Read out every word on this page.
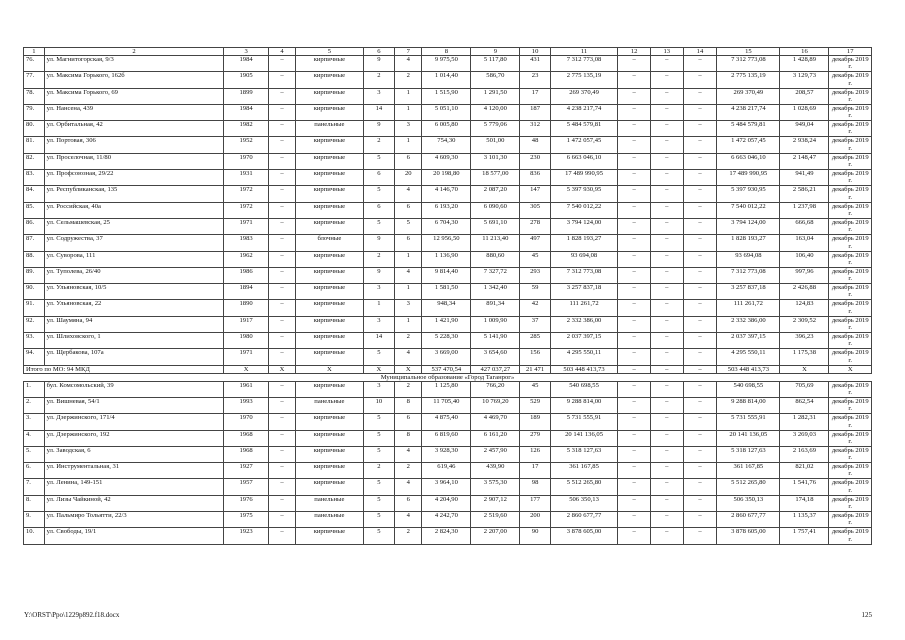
1	2	3	4	5	6	7	8	9	10	11	12	13	14	15	16	17
76.	ул. Магнитогорская, 9/3	1984	–	кирпичные	9	4	9 975,50	5 117,80	431	7 312 773,08	–	–	–	7 312 773,08	1 428,89	декабрь 2019 г.
77.	ул. Максима Горького, 162б	1905	–	кирпичные	2	2	1 014,40	586,70	23	2 775 135,19	–	–	–	2 775 135,19	3 129,73	декабрь 2019 г.
78.	ул. Максима Горького, 69	1899	–	кирпичные	3	1	1 515,90	1 291,50	17	269 370,49	–	–	–	269 370,49	208,57	декабрь 2019 г.
79.	ул. Нансена, 439	1984	–	кирпичные	14	1	5 051,10	4 120,00	187	4 238 217,74	–	–	–	4 238 217,74	1 028,69	декабрь 2019 г.
80.	ул. Орбитальная, 42	1982	–	панельные	9	3	6 005,80	5 779,06	312	5 484 579,81	–	–	–	5 484 579,81	949,04	декабрь 2019 г.
81.	ул. Портовая, 306	1952	–	кирпичные	2	1	754,30	501,00	48	1 472 057,45	–	–	–	1 472 057,45	2 938,24	декабрь 2019 г.
82.	ул. Проселочная, 11/80	1970	–	кирпичные	5	6	4 609,30	3 101,30	230	6 663 046,10	–	–	–	6 663 046,10	2 148,47	декабрь 2019 г.
83.	ул. Профсоюзная, 29/22	1931	–	кирпичные	6	20	20 198,80	18 577,00	836	17 489 990,95	–	–	–	17 489 990,95	941,49	декабрь 2019 г.
84.	ул. Республиканская, 135	1972	–	кирпичные	5	4	4 146,70	2 087,20	147	5 397 930,95	–	–	–	5 397 930,95	2 586,21	декабрь 2019 г.
85.	ул. Российская, 40а	1972	–	кирпичные	6	6	6 193,20	6 090,60	305	7 540 012,22	–	–	–	7 540 012,22	1 237,98	декабрь 2019 г.
86.	ул. Сельмашевская, 25	1971	–	кирпичные	5	5	6 704,30	5 691,10	278	3 794 124,00	–	–	–	3 794 124,00	666,68	декабрь 2019 г.
87.	ул. Содружества, 37	1983	–	блочные	9	6	12 956,50	11 213,40	497	1 828 193,27	–	–	–	1 828 193,27	163,04	декабрь 2019 г.
88.	ул. Суворова, 111	1962	–	кирпичные	2	1	1 136,90	880,60	45	93 694,08	–	–	–	93 694,08	106,40	декабрь 2019 г.
89.	ул. Туполева, 26/40	1986	–	кирпичные	9	4	9 814,40	7 327,72	293	7 312 773,08	–	–	–	7 312 773,08	997,96	декабрь 2019 г.
90.	ул. Ульяновская, 10/5	1894	–	кирпичные	3	1	1 581,50	1 342,40	59	3 257 837,18	–	–	–	3 257 837,18	2 426,88	декабрь 2019 г.
91.	ул. Ульяновская, 22	1890	–	кирпичные	1	3	948,34	891,34	42	111 261,72	–	–	–	111 261,72	124,83	декабрь 2019 г.
92.	ул. Шаумяна, 94	1917	–	кирпичные	3	1	1 421,90	1 009,90	37	2 332 386,00	–	–	–	2 332 386,00	2 309,52	декабрь 2019 г.
93.	ул. Шлиховского, 1	1980	–	кирпичные	14	2	5 228,30	5 141,90	285	2 037 397,15	–	–	–	2 037 397,15	396,23	декабрь 2019 г.
94.	ул. Щербакова, 107а	1971	–	кирпичные	5	4	3 669,00	3 654,60	156	4 295 550,11	–	–	–	4 295 550,11	1 175,38	декабрь 2019 г.
Итого по МО: 94 МКД		X	X	X	X	X	537 470,54	427 037,27	21 471	503 448 413,73	–	–	–	503 448 413,73	X	X
Муниципальное образование «Город Таганрог»																
1.	бул. Комсомольский, 39	1961	–	кирпичные	3	2	1 125,80	766,20	45	540 698,55	–	–	–	540 698,55	705,69	декабрь 2019 г.
2.	ул. Вишневая, 54/1	1993	–	панельные	10	8	11 705,40	10 769,20	529	9 288 814,00	–	–	–	9 288 814,00	862,54	декабрь 2019 г.
3.	ул. Дзержинского, 171/4	1970	–	кирпичные	5	6	4 875,40	4 469,70	189	5 731 555,91	–	–	–	5 731 555,91	1 282,31	декабрь 2019 г.
4.	ул. Дзержинского, 192	1968	–	кирпичные	5	8	6 819,60	6 161,20	279	20 141 136,05	–	–	–	20 141 136,05	3 269,03	декабрь 2019 г.
5.	ул. Заводская, 6	1968	–	кирпичные	5	4	3 928,30	2 457,90	126	5 318 127,63	–	–	–	5 318 127,63	2 163,69	декабрь 2019 г.
6.	ул. Инструментальная, 31	1927	–	кирпичные	2	2	619,46	439,90	17	361 167,85	–	–	–	361 167,85	821,02	декабрь 2019 г.
7.	ул. Ленина, 149-151	1957	–	кирпичные	5	4	3 964,10	3 575,30	98	5 512 265,80	–	–	–	5 512 265,80	1 541,76	декабрь 2019 г.
8.	ул. Лизы Чайкиной, 42	1976	–	панельные	5	6	4 204,90	2 907,12	177	506 350,13	–	–	–	506 350,13	174,18	декабрь 2019 г.
9.	ул. Пальмиро Тольятти, 22/3	1975	–	панельные	5	4	4 242,70	2 519,60	200	2 860 677,77	–	–	–	2 860 677,77	1 135,37	декабрь 2019 г.
10.	ул. Свободы, 19/1	1923	–	кирпичные	5	2	2 824,30	2 207,00	90	3 878 605,00	–	–	–	3 878 605,00	1 757,41	декабрь 2019 г.
Y:\ORST\Ppo\1229p892.f18.docx	125
